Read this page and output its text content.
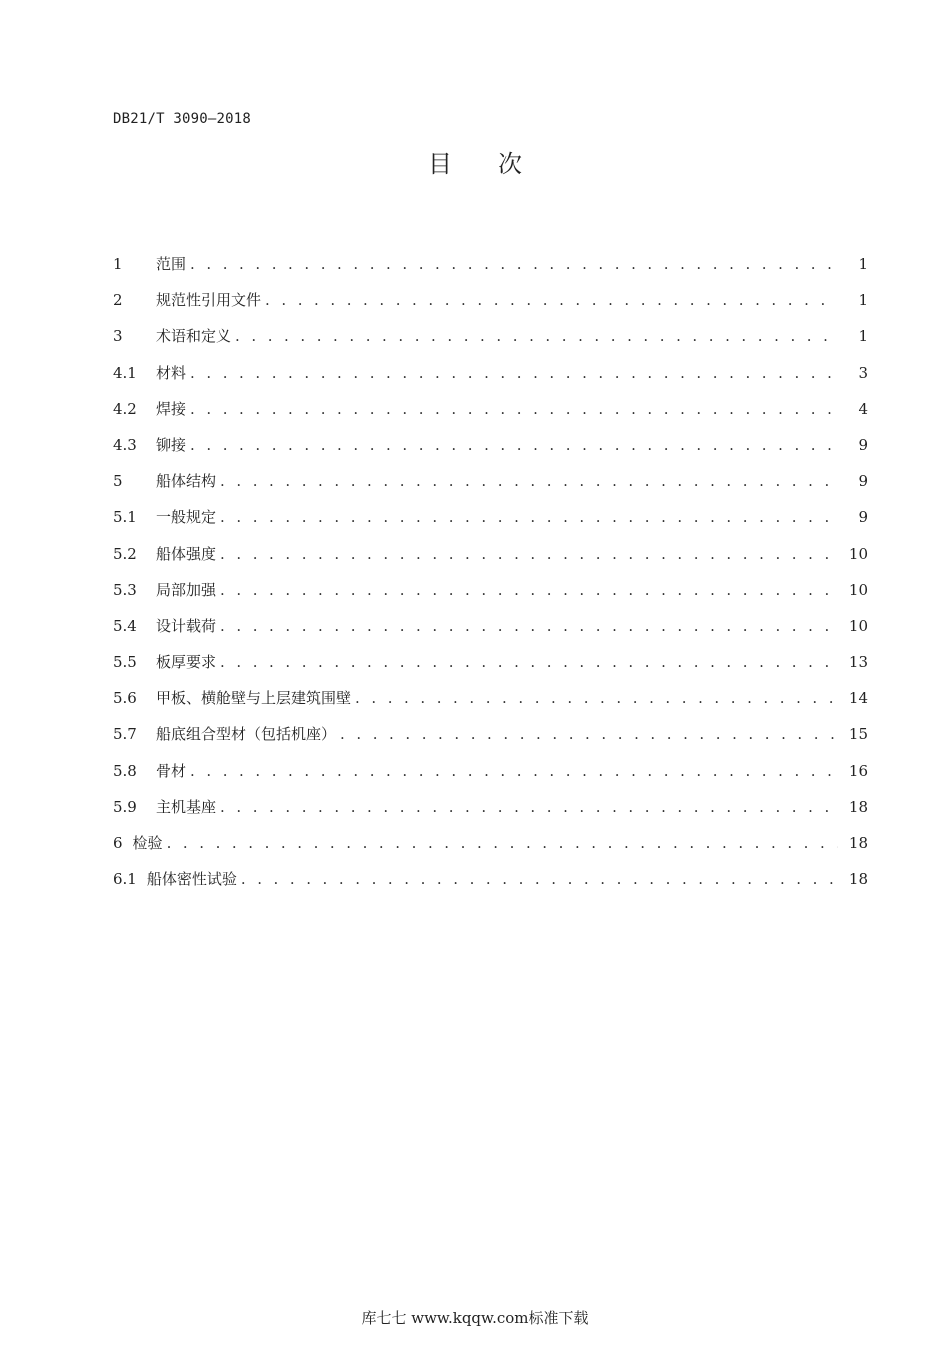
DB21/T 3090—2018
目次
1	范围 . . .	1
2	规范性引用文件 . . .	1
3	术语和定义 . . .	1
4.1	材料 . . .	3
4.2	焊接 . . .	4
4.3	铆接 . . .	9
5	船体结构 . . .	9
5.1	一般规定 . . .	9
5.2	船体强度 . . .	10
5.3	局部加强 . . .	10
5.4	设计载荷 . . .	10
5.5	板厚要求 . . .	13
5.6	甲板、横舱壁与上层建筑围壁 . . .	14
5.7	船底组合型材（包括机座） . . .	15
5.8	骨材 . . .	16
5.9	主机基座 . . .	18
6 检验 . . .	18
6.1 船体密性试验 . . .	18
库七七 www.kqqw.com标准下载
